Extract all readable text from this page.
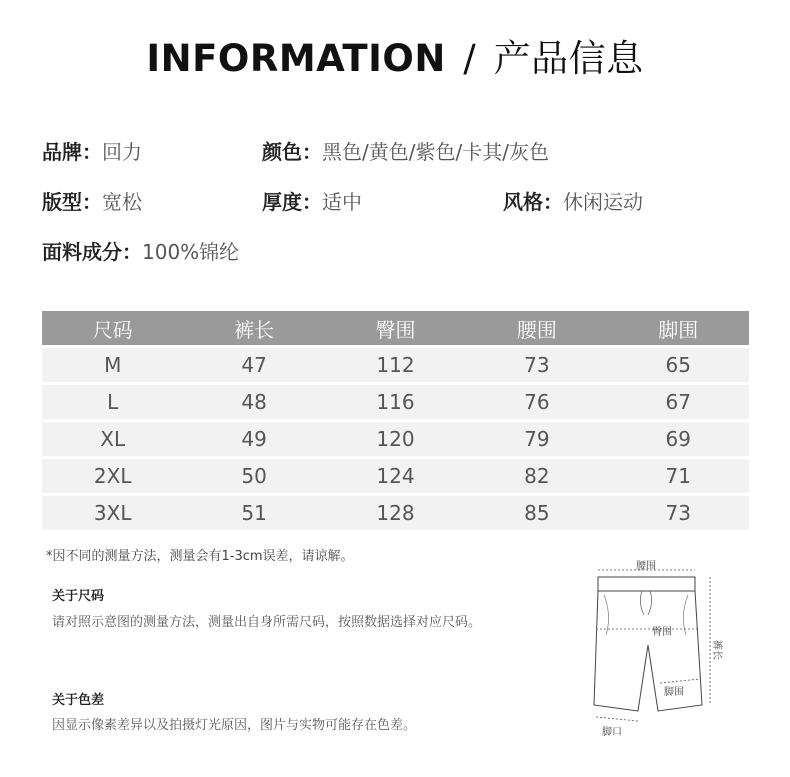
INFORMATION / 产品信息
品牌：回力	颜色：黑色/黄色/紫色/卡其/灰色
版型：宽松	厚度：适中	风格：休闲运动
面料成分：100%锦纶
尺码	裤长	臀围	腰围	脚围
M	47	112	73	65
L	48	116	76	67
XL	49	120	79	69
2XL	50	124	82	71
3XL	51	128	85	73
*因不同的测量方法，测量会有1-3cm误差，请谅解。
关于尺码
请对照示意图的测量方法，测量出自身所需尺码，按照数据选择对应尺码。
关于色差
因显示像素差异以及拍摄灯光原因，图片与实物可能存在色差。
腰围
臀围
裤长
脚围
脚口
